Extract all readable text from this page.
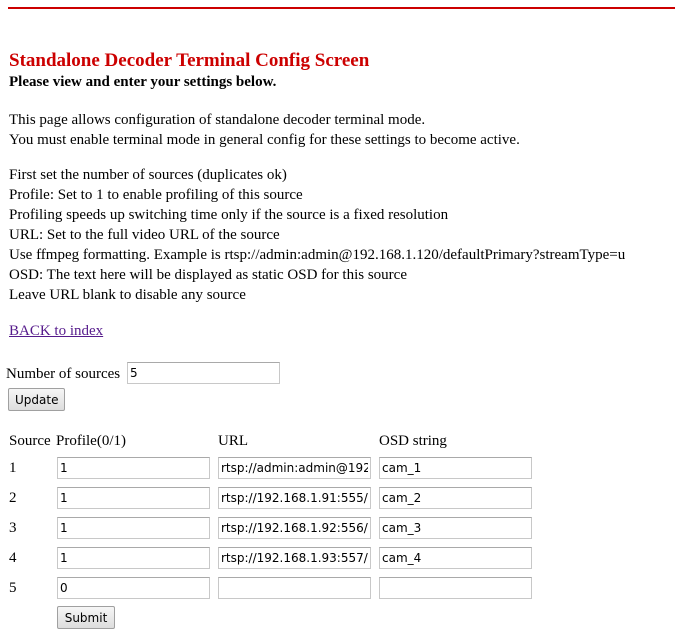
Standalone Decoder Terminal Config Screen
Please view and enter your settings below.

This page allows configuration of standalone decoder terminal mode.
You must enable terminal mode in general config for these settings to become active.

First set the number of sources (duplicates ok)
Profile: Set to 1 to enable profiling of this source
Profiling speeds up switching time only if the source is a fixed resolution
URL: Set to the full video URL of the source
Use ffmpeg formatting. Example is rtsp://admin:admin@192.168.1.120/defaultPrimary?streamType=u
OSD: The text here will be displayed as static OSD for this source
Leave URL blank to disable any source

BACK to index
Number of sources
5
Update
Source Profile(0/1)	URL	OSD string
1
1
rtsp://admin:admin@192.168.1.120/defaultPrimary?streamType=u
cam_1
2
1
rtsp://192.168.1.91:555/m
cam_2
3
1
rtsp://192.168.1.92:556/m
cam_3
4
1
rtsp://192.168.1.93:557/m
cam_4
5
0
Submit
